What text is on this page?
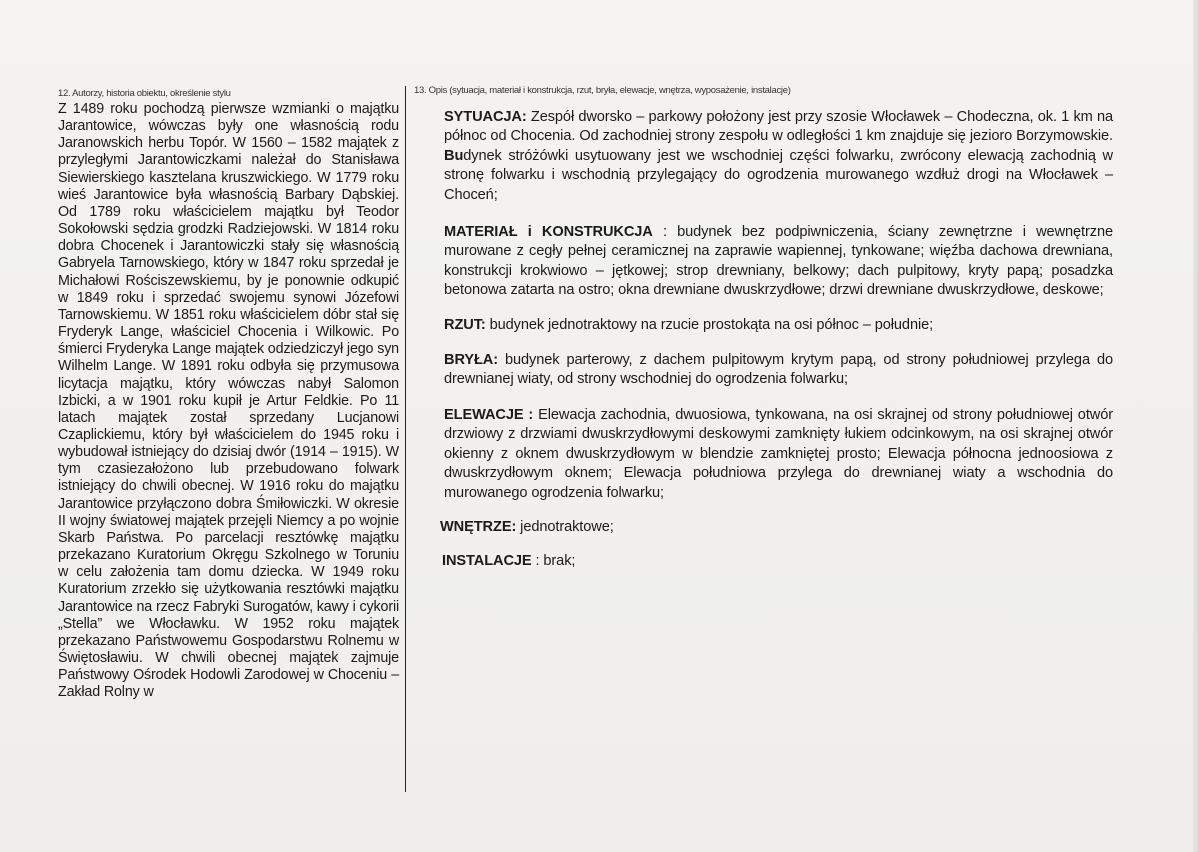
12. Autorzy, historia obiektu, określenie stylu

Z 1489 roku pochodzą pierwsze wzmianki o majątku Jarantowice, wówczas były one własnością rodu Jaranowskich herbu Topór. W 1560 – 1582 majątek z przyległymi Jarantowiczkami należał do Stanisława Siewierskiego kasztelana kruszwickiego. W 1779 roku wieś Jarantowice była własnością Barbary Dąbskiej. Od 1789 roku właścicielem majątku był Teodor Sokołowski sędzia grodzki Radziejowski. W 1814 roku dobra Chocenek i Jarantowiczki stały się własnością Gabryela Tarnowskiego, który w 1847 roku sprzedał je Michałowi Rościszewskiemu, by je ponownie odkupić w 1849 roku i sprzedać swojemu synowi Józefowi Tarnowskiemu. W 1851 roku właścicielem dóbr stał się Fryderyk Lange, właściciel Chocenia i Wilkowic. Po śmierci Fryderyka Lange majątek odziedziczył jego syn Wilhelm Lange. W 1891 roku odbyła się przymusowa licytacja majątku, który wówczas nabył Salomon Izbicki, a w 1901 roku kupił je Artur Feldkie. Po 11 latach majątek został sprzedany Lucjanowi Czaplickiemu, który był właścicielem do 1945 roku i wybudował istniejący do dzisiaj dwór (1914 – 1915). W tym czasiezałożono lub przebudowano folwark istniejący do chwili obecnej. W 1916 roku do majątku Jarantowice przyłączono dobra Śmiłowiczki. W okresie II wojny światowej majątek przejęli Niemcy a po wojnie Skarb Państwa. Po parcelacji resztówkę majątku przekazano Kuratorium Okręgu Szkolnego w Toruniu w celu założenia tam domu dziecka. W 1949 roku Kuratorium zrzekło się użytkowania resztówki majątku Jarantowice na rzecz Fabryki Surogatów, kawy i cykorii „Stella” we Włocławku. W 1952 roku majątek przekazano Państwowemu Gospodarstwu Rolnemu w Świętosławiu. W chwili obecnej majątek zajmuje Państwowy Ośrodek Hodowli Zarodowej w Choceniu – Zakład Rolny w

13. Opis (sytuacja, materiał i konstrukcja, rzut, bryła, elewacje, wnętrza, wyposażenie, instalacje)

SYTUACJA: Zespół dworsko – parkowy położony jest przy szosie Włocławek – Chodeczna, ok. 1 km na północ od Chocenia. Od zachodniej strony zespołu w odległości 1 km znajduje się jezioro Borzymowskie. Budynek stróżówki usytuowany jest we wschodniej części folwarku, zwrócony elewacją zachodnią w stronę folwarku i wschodnią przylegający do ogrodzenia murowanego wzdłuż drogi na Włocławek – Choceń;

MATERIAŁ i KONSTRUKCJA : budynek bez podpiwniczenia, ściany zewnętrzne i wewnętrzne murowane z cegły pełnej ceramicznej na zaprawie wapiennej, tynkowane; więźba dachowa drewniana, konstrukcji krokwiowo – jętkowej; strop drewniany, belkowy; dach pulpitowy, kryty papą; posadzka betonowa zatarta na ostro; okna drewniane dwuskrzydłowe; drzwi drewniane dwuskrzydłowe, deskowe;

RZUT: budynek jednotraktowy na rzucie prostokąta na osi północ – południe;

BRYŁA: budynek parterowy, z dachem pulpitowym krytym papą, od strony południowej przylega do drewnianej wiaty, od strony wschodniej do ogrodzenia folwarku;

ELEWACJE : Elewacja zachodnia, dwuosiowa, tynkowana, na osi skrajnej od strony południowej otwór drzwiowy z drzwiami dwuskrzydłowymi deskowymi zamknięty łukiem odcinkowym, na osi skrajnej otwór okienny z oknem dwuskrzydłowym w blendzie zamkniętej prosto; Elewacja północna jednoosiowa z dwuskrzydłowym oknem; Elewacja południowa przylega do drewnianej wiaty a wschodnia do murowanego ogrodzenia folwarku;

WNĘTRZE: jednotraktowe;

INSTALACJE : brak;
